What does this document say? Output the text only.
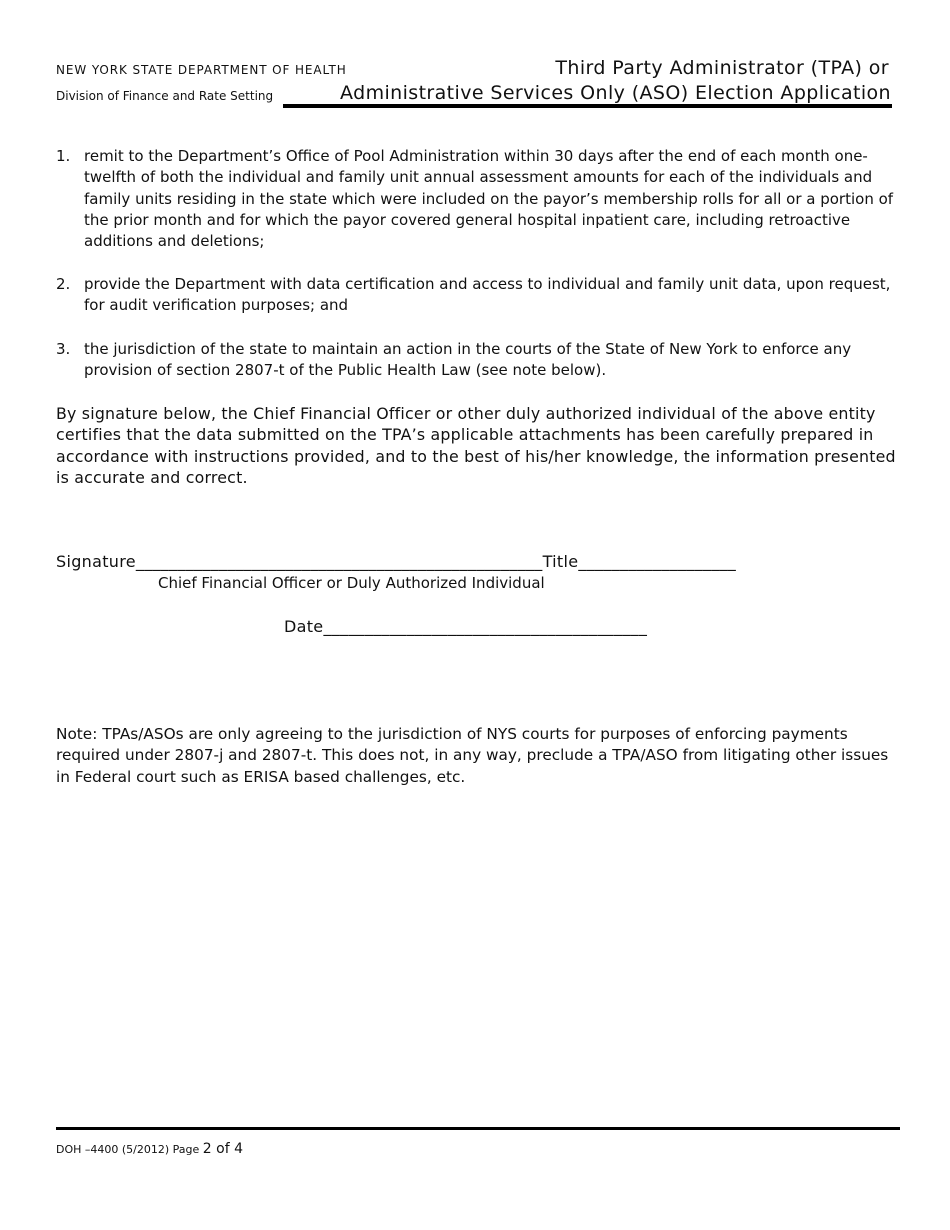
NEW YORK STATE DEPARTMENT OF HEALTH
Division of Finance and Rate Setting
Third Party Administrator (TPA) or
Administrative Services Only (ASO) Election Application
1. remit to the Department’s Office of Pool Administration within 30 days after the end of each month one-twelfth of both the individual and family unit annual assessment amounts for each of the individuals and family units residing in the state which were included on the payor’s membership rolls for all or a portion of the prior month and for which the payor covered general hospital inpatient care, including retroactive additions and deletions;
2. provide the Department with data certification and access to individual and family unit data, upon request, for audit verification purposes; and
3. the jurisdiction of the state to maintain an action in the courts of the State of New York to enforce any provision of section 2807-t of the Public Health Law (see note below).
By signature below, the Chief Financial Officer or other duly authorized individual of the above entity certifies that the data submitted on the TPA’s applicable attachments has been carefully prepared in accordance with instructions provided, and to the best of his/her knowledge, the information presented is accurate and correct.
Signature_________________________________________________Title___________________
Chief Financial Officer or Duly Authorized Individual
Date_______________________________________
Note: TPAs/ASOs are only agreeing to the jurisdiction of NYS courts for purposes of enforcing payments required under 2807-j and 2807-t. This does not, in any way, preclude a TPA/ASO from litigating other issues in Federal court such as ERISA based challenges, etc.
DOH –4400 (5/2012) Page 2 of 4
